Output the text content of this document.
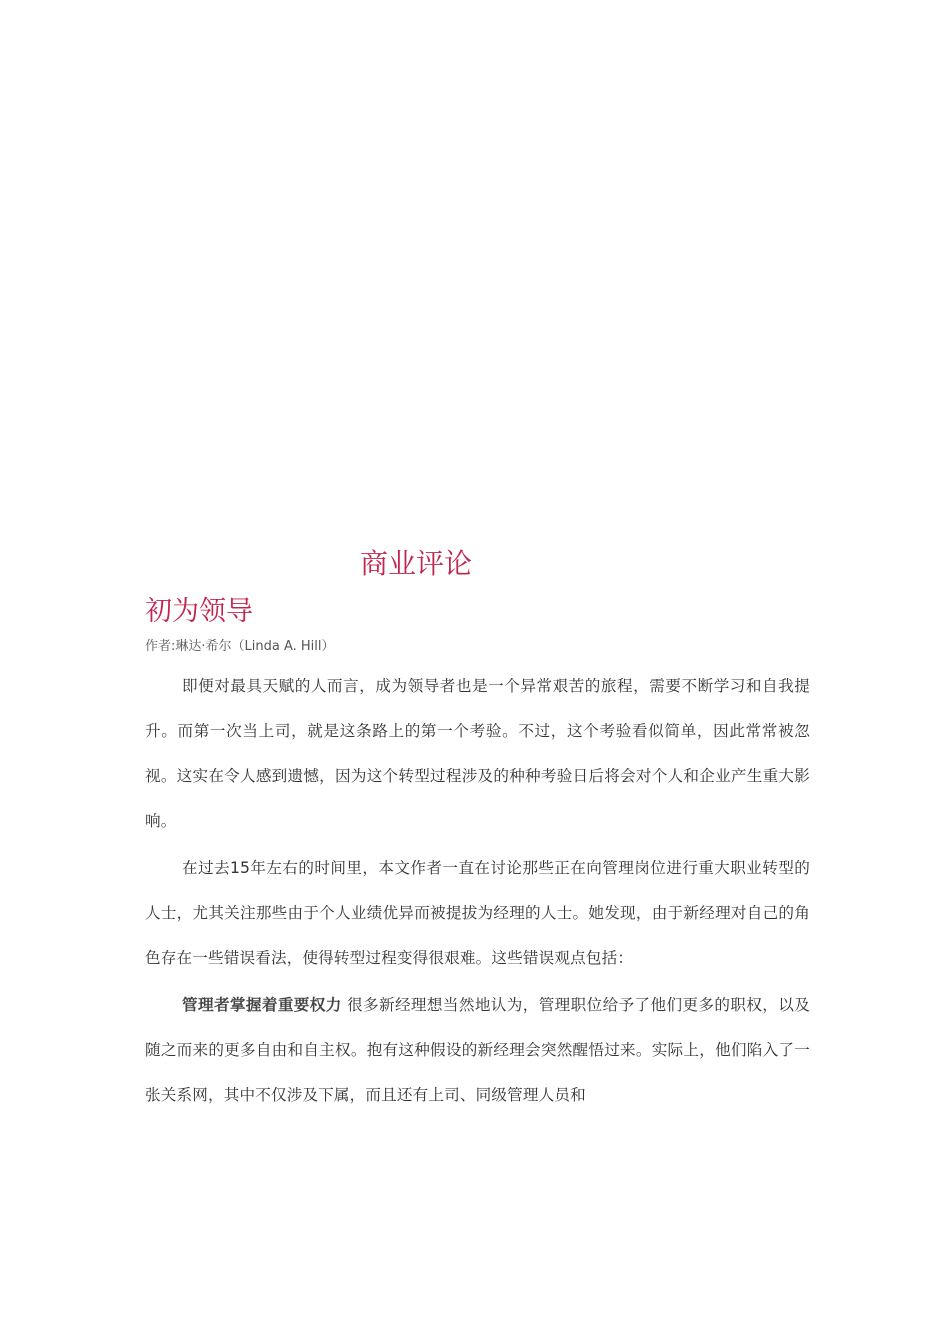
商业评论
初为领导
作者:琳达·希尔（Linda A. Hill）

即便对最具天赋的人而言，成为领导者也是一个异常艰苦的旅程，需要不断学习和自我提升。而第一次当上司，就是这条路上的第一个考验。不过，这个考验看似简单，因此常常被忽视。这实在令人感到遗憾，因为这个转型过程涉及的种种考验日后将会对个人和企业产生重大影响。

在过去15年左右的时间里，本文作者一直在讨论那些正在向管理岗位进行重大职业转型的人士，尤其关注那些由于个人业绩优异而被提拔为经理的人士。她发现，由于新经理对自己的角色存在一些错误看法，使得转型过程变得很艰难。这些错误观点包括：

管理者掌握着重要权力 很多新经理想当然地认为，管理职位给予了他们更多的职权，以及随之而来的更多自由和自主权。抱有这种假设的新经理会突然醒悟过来。实际上，他们陷入了一张关系网，其中不仅涉及下属，而且还有上司、同级管理人员和
